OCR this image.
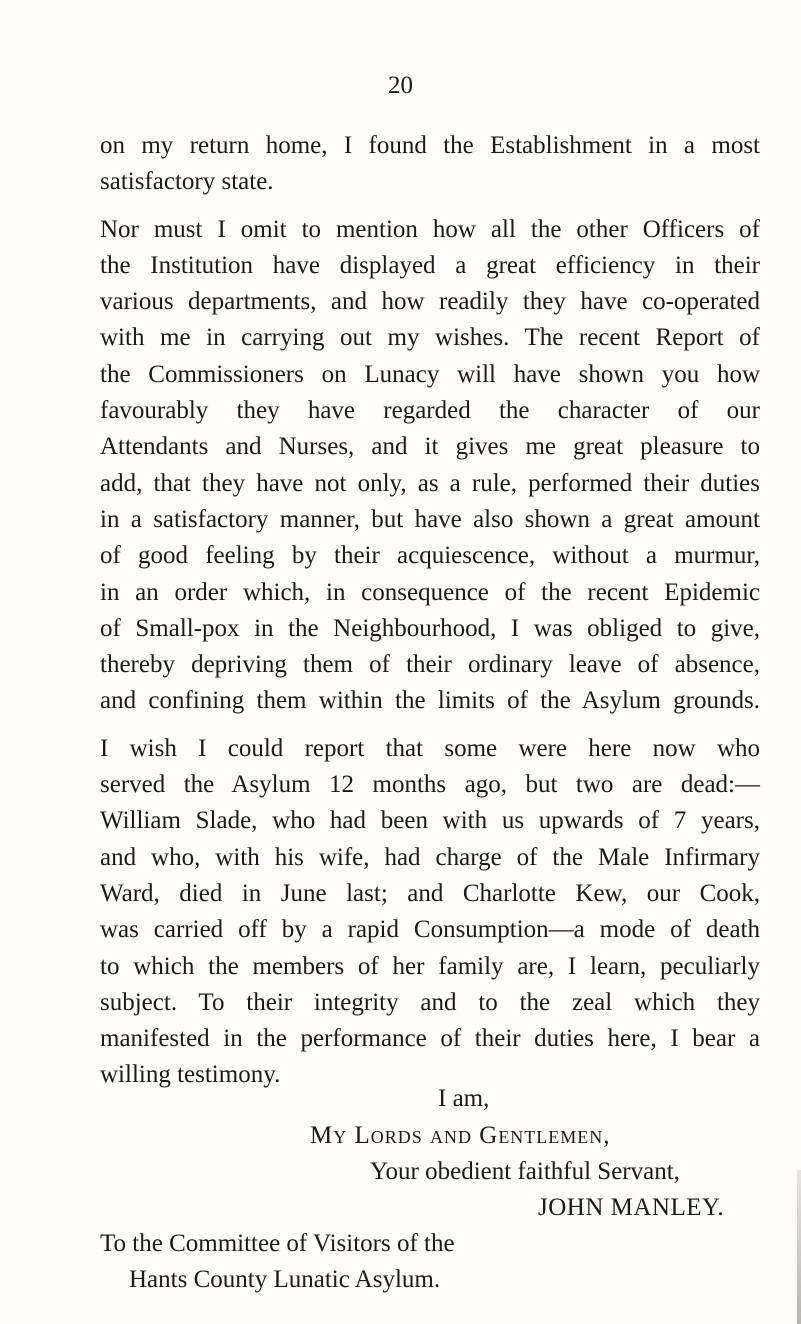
20

on my return home, I found the Establishment in a most
satisfactory state.

Nor must I omit to mention how all the other Officers of
the Institution have displayed a great efficiency in their
various departments, and how readily they have co-operated
with me in carrying out my wishes. The recent Report of
the Commissioners on Lunacy will have shown you how
favourably they have regarded the character of our
Attendants and Nurses, and it gives me great pleasure to
add, that they have not only, as a rule, performed their duties
in a satisfactory manner, but have also shown a great amount
of good feeling by their acquiescence, without a murmur,
in an order which, in consequence of the recent Epidemic
of Small-pox in the Neighbourhood, I was obliged to give,
thereby depriving them of their ordinary leave of absence,
and confining them within the limits of the Asylum grounds.

I wish I could report that some were here now who
served the Asylum 12 months ago, but two are dead:—
William Slade, who had been with us upwards of 7 years,
and who, with his wife, had charge of the Male Infirmary
Ward, died in June last; and Charlotte Kew, our Cook,
was carried off by a rapid Consumption—a mode of death
to which the members of her family are, I learn, peculiarly
subject. To their integrity and to the zeal which they
manifested in the performance of their duties here, I bear a
willing testimony.

I am,
My Lords and Gentlemen,
Your obedient faithful Servant,
JOHN MANLEY.
To the Committee of Visitors of the
Hants County Lunatic Asylum.
